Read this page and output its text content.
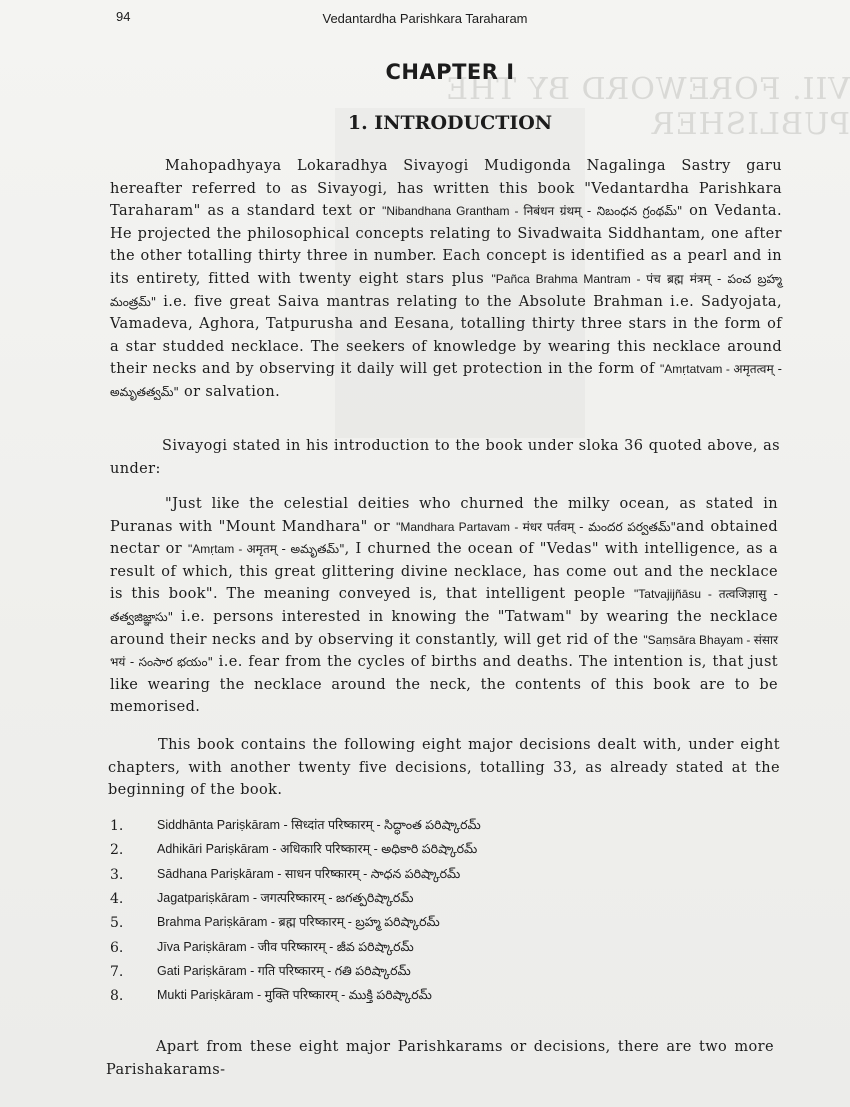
VII. FOREWORD BY THE PUBLISHER
94	Vedantardha Parishkara Taraharam
CHAPTER I
1. INTRODUCTION

Mahopadhyaya Lokaradhya Sivayogi Mudigonda Nagalinga Sastry garu hereafter referred to as Sivayogi, has written this book "Vedantardha Parishkara Taraharam" as a standard text or "Nibandhana Grantham - निबंधन ग्रंथम् - నిబంధన గ్రంథమ్" on Vedanta. He projected the philosophical concepts relating to Sivadwaita Siddhantam, one after the other totalling thirty three in number. Each concept is identified as a pearl and in its entirety, fitted with twenty eight stars plus "Pañca Brahma Mantram - पंच ब्रह्म मंत्रम् - పంచ బ్రహ్మ మంత్రమ్" i.e. five great Saiva mantras relating to the Absolute Brahman i.e. Sadyojata, Vamadeva, Aghora, Tatpurusha and Eesana, totalling thirty three stars in the form of a star studded necklace. The seekers of knowledge by wearing this necklace around their necks and by observing it daily will get protection in the form of "Amṛtatvam - अमृतत्वम् - అమృతత్వమ్" or salvation.

Sivayogi stated in his introduction to the book under sloka 36 quoted above, as under:

"Just like the celestial deities who churned the milky ocean, as stated in Puranas with "Mount Mandhara" or "Mandhara Partavam - मंधर पर्तवम् - మందర పర్వతమ్"and obtained nectar or "Amṛtam - अमृतम् - అమృతమ్", I churned the ocean of "Vedas" with intelligence, as a result of which, this great glittering divine necklace, has come out and the necklace is this book". The meaning conveyed is, that intelligent people "Tatvajijñāsu - तत्वजिज्ञासु - తత్వజిజ్ఞాసు" i.e. persons interested in knowing the "Tatwam" by wearing the necklace around their necks and by observing it constantly, will get rid of the "Saṃsāra Bhayam - संसार भयं - సంసార భయం" i.e. fear from the cycles of births and deaths. The intention is, that just like wearing the necklace around the neck, the contents of this book are to be memorised.

This book contains the following eight major decisions dealt with, under eight chapters, with another twenty five decisions, totalling 33, as already stated at the beginning of the book.

1.	Siddhānta Pariṣkāram - सिध्दांत परिष्कारम् - సిద్ధాంత పరిష్కారమ్
2.	Adhikāri Pariṣkāram - अधिकारि परिष्कारम् - అధికారి పరిష్కారమ్
3.	Sādhana Pariṣkāram - साधन परिष्कारम् - సాధన పరిష్కారమ్
4.	Jagatpariṣkāram - जगत्परिष्कारम् - జగత్పరిష్కారమ్
5.	Brahma Pariṣkāram - ब्रह्म परिष्कारम् - బ్రహ్మ పరిష్కారమ్
6.	Jīva Pariṣkāram - जीव परिष्कारम् - జీవ పరిష్కారమ్
7.	Gati Pariṣkāram - गति परिष्कारम् - గతి పరిష్కారమ్
8.	Mukti Pariṣkāram - मुक्ति परिष्कारम् - ముక్తి పరిష్కారమ్

Apart from these eight major Parishkarams or decisions, there are two more Parishakarams-
